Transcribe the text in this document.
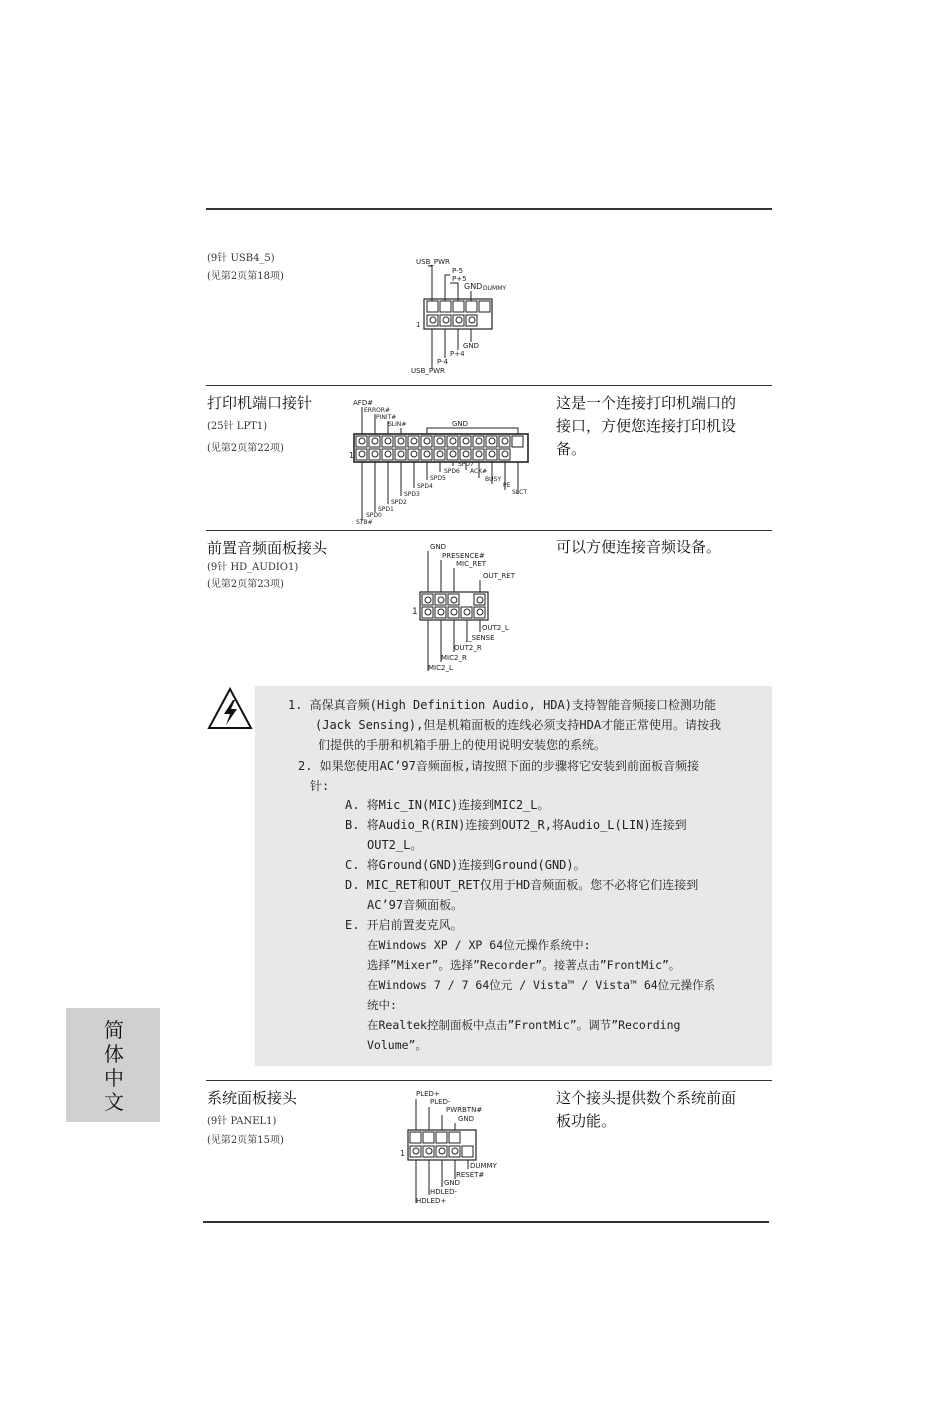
(9针 USB4_5)
(见第2页第18项)
USB_PWR
P-5
P+5
GND DUMMY
1
GND
P+4
P-4
USB_PWR
打印机端口接针
(25针 LPT1)
(见第2页第22项)
AFD#
ERROR#
PINIT#
SLIN#	GND
1
SPD7
SPD6 ACK#
SPD5	BUSY
SPD4	PE
SPD3	SLCT
SPD2
SPD1
SPD0
STB#
这是一个连接打印机端口的
接口，方便您连接打印机设
备。
前置音频面板接头
(9针 HD_AUDIO1)
(见第2页第23项)
GND
PRESENCE#
MIC_RET
OUT_RET
1
OUT2_L
J_SENSE
OUT2_R
MIC2_R
MIC2_L
可以方便连接音频设备。
1. 高保真音频(High Definition Audio, HDA)支持智能音频接口检测功能
(Jack Sensing),但是机箱面板的连线必须支持HDA才能正常使用。请按我
们提供的手册和机箱手册上的使用说明安装您的系统。
2. 如果您使用AC’97音频面板,请按照下面的步骤将它安装到前面板音频接
针:
A. 将Mic_IN(MIC)连接到MIC2_L。
B. 将Audio_R(RIN)连接到OUT2_R,将Audio_L(LIN)连接到
OUT2_L。
C. 将Ground(GND)连接到Ground(GND)。
D. MIC_RET和OUT_RET仅用于HD音频面板。您不必将它们连接到
AC’97音频面板。
E. 开启前置麦克风。
在Windows XP / XP 64位元操作系统中:
选择”Mixer”。选择”Recorder”。接著点击”FrontMic”。
在Windows 7 / 7 64位元 / Vista™ / Vista™ 64位元操作系
统中:
在Realtek控制面板中点击”FrontMic”。调节”Recording
Volume”。
系统面板接头
(9针 PANEL1)
(见第2页第15项)
PLED+
PLED-
PWRBTN#
GND
1
DUMMY
RESET#
GND
HDLED-
HDLED+
这个接头提供数个系统前面
板功能。
简体中文
